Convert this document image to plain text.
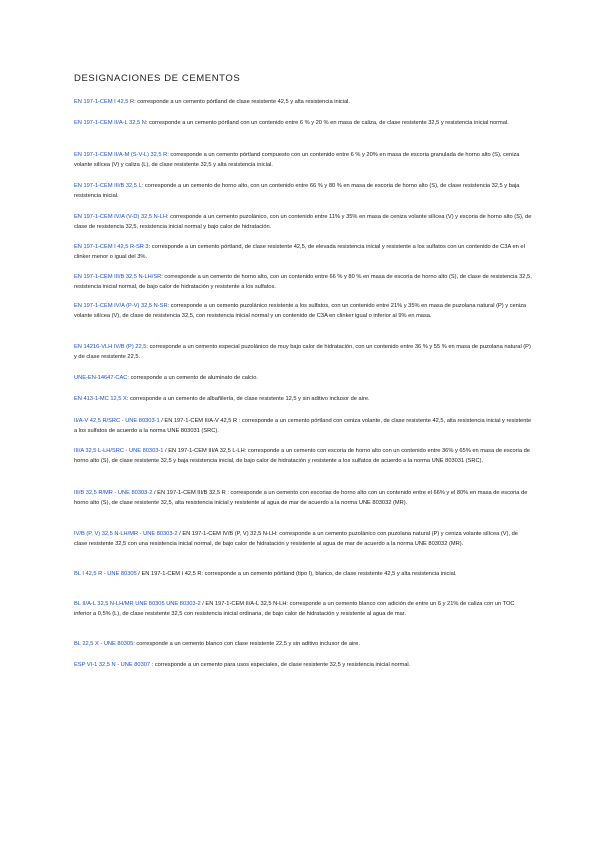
DESIGNACIONES DE CEMENTOS

EN 197-1-CEM I 42,5 R: corresponde a un cemento pórtland de clase resistente 42,5 y alta resistencia inicial.

EN 197-1-CEM II/A-L 32,5 N: corresponde a un cemento pórtland con un contenido entre 6 % y 20 % en masa de caliza, de clase resistente 32,5 y resistencia inicial normal.

EN 197-1-CEM II/A-M (S-V-L) 32,5 R: corresponde a un cemento pórtland compuesto con un contenido entre 6 % y 20% en masa de escoria granulada de horno alto (S), ceniza volante silícea (V) y caliza (L), de clase resistente 32,5 y alta resistencia inicial.

EN 197-1-CEM III/B 32,5 L: corresponde a un cemento de horno alto, con un contenido entre 66 % y 80 % en masa de escoria de horno alto (S), de clase resistencia 32,5 y baja resistencia inicial.

EN 197-1-CEM IV/A (V-D) 32,5 N-LH: corresponde a un cemento puzolánico, con un contenido entre 11% y 35% en masa de ceniza volante silícea (V) y escoria de horno alto (S), de clase de resistencia 32,5, resistencia inicial normal y bajo calor de hidratación.

EN 197-1-CEM I 42,5 R-SR 3: corresponde a un cemento pórtland, de clase resistente 42,5, de elevada resistencia inicial y resistente a los sulfatos con un contenido de C3A en el clinker menor o igual del 3%.

EN 197-1-CEM III/B 32,5 N-LH/SR: corresponde a un cemento de horno alto, con un contenido entre 66 % y 80 % en masa de escoria de horno alto (S), de clase de resistencia 32,5, resistencia inicial normal, de bajo calor de hidratación y resistente a los sulfatos.

EN 197-1-CEM IV/A (P-V) 32,5 N-SR: corresponde a un cemento puzolánico resistente a los sulfatos, con un contenido entre 21% y 35% en masa de puzolana natural (P) y ceniza volante silícea (V), de clase de resistencia 32,5, con resistencia inicial normal y un contenido de C3A en clinker igual o inferior al 9% en masa.

EN 14216-VLH IV/B (P) 22,5: corresponde a un cemento especial puzolánico de muy bajo calor de hidratación, con un contenido entre 36 % y 55 % en masa de puzolana natural (P) y de clase resistente 22,5.

UNE-EN-14647-CAC: corresponde a un cemento de aluminato de calcio.

EN 413-1-MC 12,5 X: corresponde a un cemento de albañilería, de clase resistente 12,5 y sin aditivo inclusor de aire.

II/A-V 42,5 R/SRC - UNE 80303-1 / EN 197-1-CEM II/A-V 42,5 R : corresponde a un cemento pórtland con ceniza volante, de clase resistente 42,5, alta resistencia inicial y resistente a los sulfatos de acuerdo a la norma UNE 803031 (SRC).

III/A 32,5 L-LH/SRC - UNE 80303-1 / EN 197-1-CEM III/A 32,5 L-LH: corresponde a un cemento con escoria de horno alto con un contenido entre 36% y 65% en masa de escoria de horno alto (S), de clase resistente 32,5 y baja resistencia inicial, de bajo calor de hidratación y resistente a los sulfatos de acuerdo a la norma UNE 803031 (SRC).

III/B 32,5 R/MR - UNE 80303-2 / EN 197-1-CEM III/B 32,5 R : corresponde a un cemento con escorias de horno alto con un contenido entre el 66% y el 80% en masa de escoria de horno alto (S), de clase resistente 32,5, alta resistencia inicial y resistente al agua de mar de acuerdo a la norma UNE 803032 (MR).

IV/B (P, V) 32,5 N-LH/MR - UNE 80303-2 / EN 197-1-CEM IV/B (P, V) 32,5 N-LH: corresponde a un cemento puzolánico con puzolana natural (P) y ceniza volante silícea (V), de clase resistente 32,5 con una resistencia inicial normal, de bajo calor de hidratación y resistente al agua de mar de acuerdo a la norma UNE 803032 (MR).

BL I 42,5 R - UNE 80305 / EN 197-1-CEM I 42,5 R: corresponde a un cemento pórtland (tipo I), blanco, de clase resistente 42,5 y alta resistencia inicial.

BL II/A-L 32,5 N-LH/MR UNE 80305 UNE 80303-2 / EN 197-1-CEM II/A-L 32,5 N-LH: corresponde a un cemento blanco con adición de entre un 6 y 21% de caliza con un TOC inferior a 0,5% (L), de clase resistente 32,5 con resistencia inicial ordinaria, de bajo calor de hidratación y resistente al agua de mar.

BL 22,5 X - UNE 80305: corresponde a un cemento blanco con clase resistente 22,5 y sin aditivo inclusor de aire.

ESP VI-1 32,5 N - UNE 80307 : corresponde a un cemento para usos especiales, de clase resistente 32,5 y resistencia inicial normal.
